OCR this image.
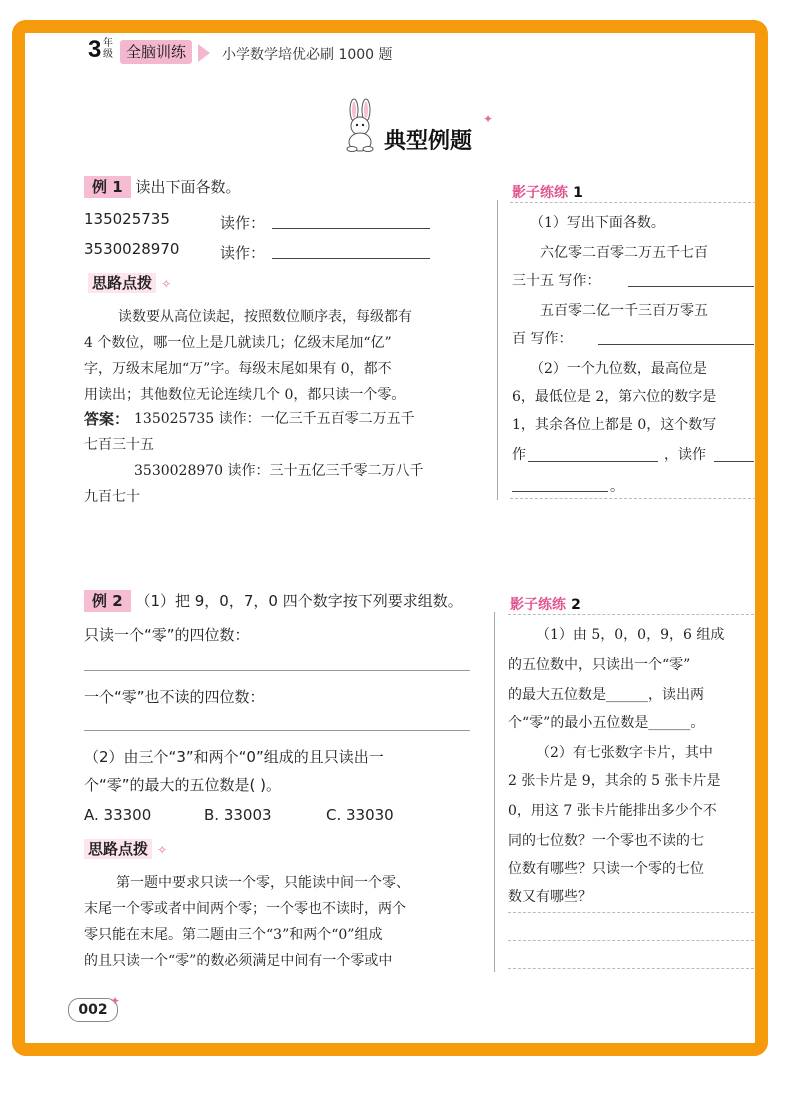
3 年级 全脑训练	小学数学培优必刷 1000 题
典型例题
✦
例 1 读出下面各数。
135025735	读作：
3530028970	读作：
思路点拨 ✧
读数要从高位读起，按照数位顺序表，每级都有
4 个数位，哪一位上是几就读几；亿级末尾加“亿”
字，万级末尾加“万”字。每级末尾如果有 0，都不
用读出；其他数位无论连续几个 0，都只读一个零。
答案： 135025735 读作：一亿三千五百零二万五千
七百三十五
3530028970 读作：三十五亿三千零二万八千
九百七十
影子练练 1
（1）写出下面各数。
六亿零二百零二万五千七百
三十五 写作：
五百零二亿一千三百万零五
百 写作：
（2）一个九位数，最高位是
6，最低位是 2，第六位的数字是
1，其余各位上都是 0，这个数写
作	，读作
。
例 2 （1）把 9，0，7，0 四个数字按下列要求组数。
只读一个“零”的四位数：
一个“零”也不读的四位数：
（2）由三个“3”和两个“0”组成的且只读出一
个“零”的最大的五位数是( )。
A. 33300	B. 33003	C. 33030
思路点拨 ✧
第一题中要求只读一个零，只能读中间一个零、
末尾一个零或者中间两个零；一个零也不读时，两个
零只能在末尾。第二题由三个“3”和两个“0”组成
的且只读一个“零”的数必须满足中间有一个零或中
影子练练 2
（1）由 5，0，0，9，6 组成
的五位数中，只读出一个“零”
的最大五位数是______，读出两
个“零”的最小五位数是______。
（2）有七张数字卡片，其中
2 张卡片是 9，其余的 5 张卡片是
0，用这 7 张卡片能排出多少个不
同的七位数？一个零也不读的七
位数有哪些？只读一个零的七位
数又有哪些？
002
✦
